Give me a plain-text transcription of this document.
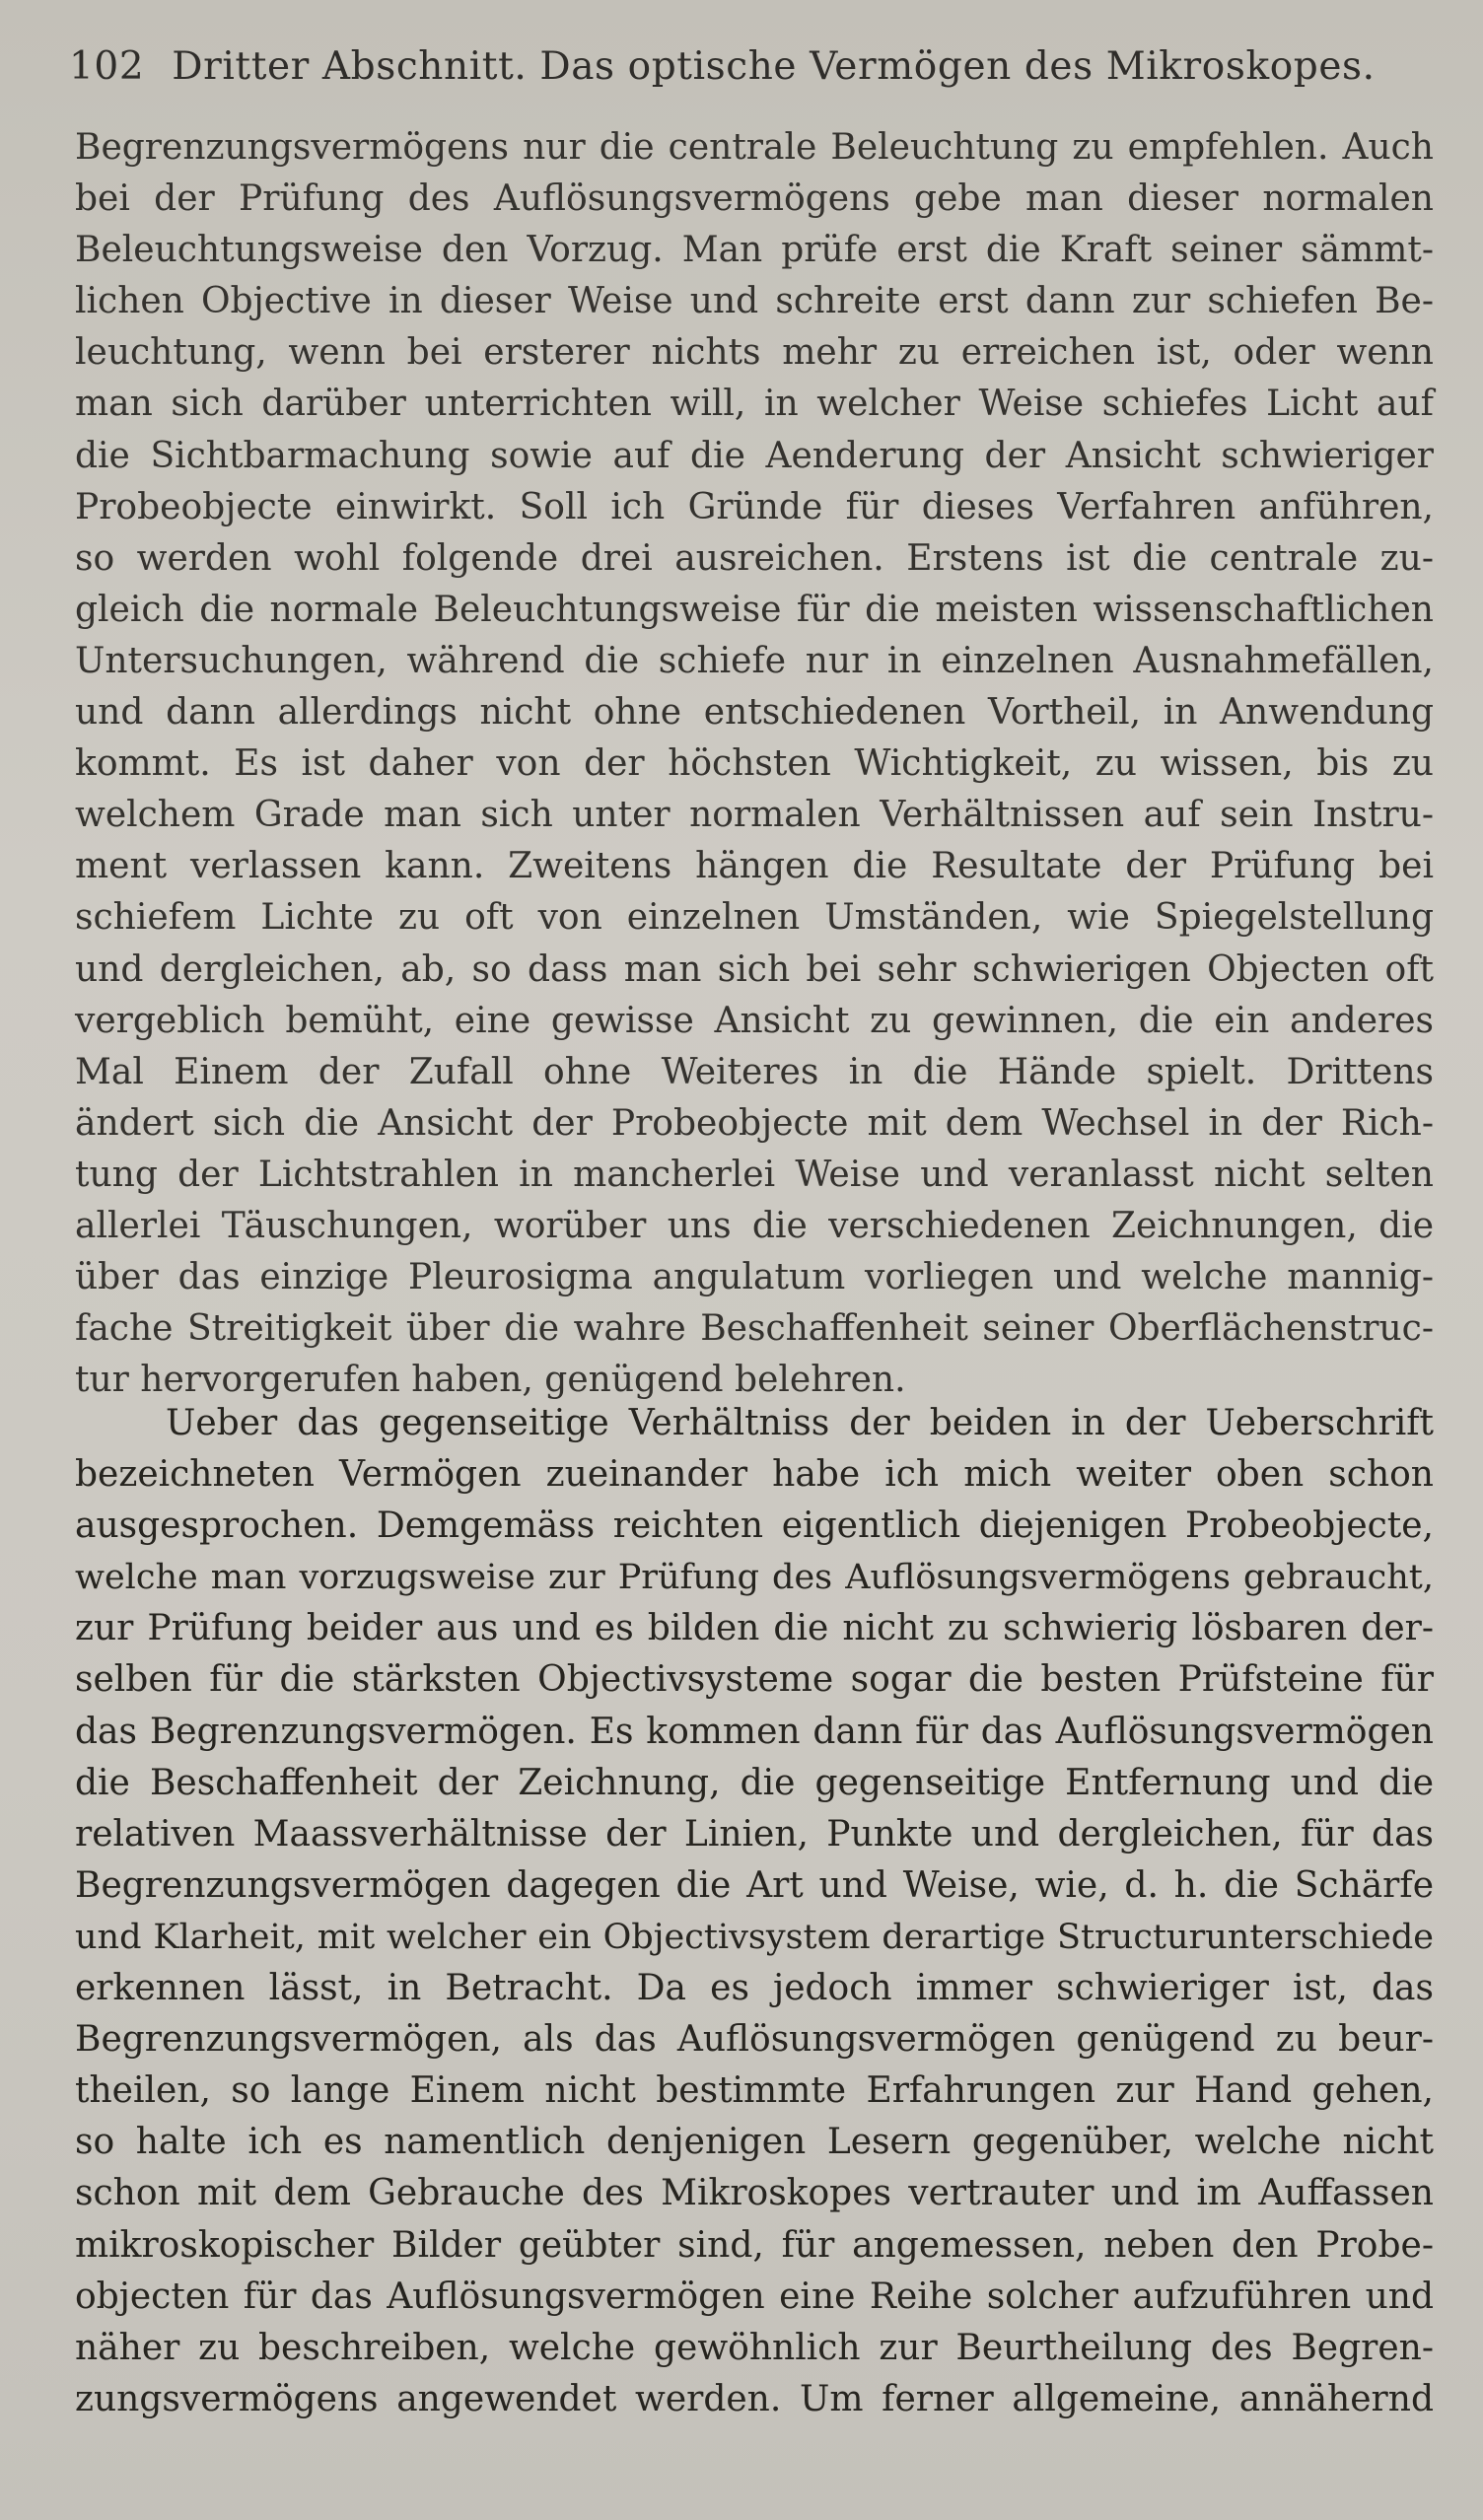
102 Dritter Abschnitt. Das optische Vermögen des Mikroskopes.
Begrenzungsvermögens nur die centrale Beleuchtung zu empfehlen. Auch
bei der Prüfung des Auflösungsvermögens gebe man dieser normalen
Beleuchtungsweise den Vorzug. Man prüfe erst die Kraft seiner sämmt-
lichen Objective in dieser Weise und schreite erst dann zur schiefen Be-
leuchtung, wenn bei ersterer nichts mehr zu erreichen ist, oder wenn
man sich darüber unterrichten will, in welcher Weise schiefes Licht auf
die Sichtbarmachung sowie auf die Aenderung der Ansicht schwieriger
Probeobjecte einwirkt. Soll ich Gründe für dieses Verfahren anführen,
so werden wohl folgende drei ausreichen. Erstens ist die centrale zu-
gleich die normale Beleuchtungsweise für die meisten wissenschaftlichen
Untersuchungen, während die schiefe nur in einzelnen Ausnahmefällen,
und dann allerdings nicht ohne entschiedenen Vortheil, in Anwendung
kommt. Es ist daher von der höchsten Wichtigkeit, zu wissen, bis zu
welchem Grade man sich unter normalen Verhältnissen auf sein Instru-
ment verlassen kann. Zweitens hängen die Resultate der Prüfung bei
schiefem Lichte zu oft von einzelnen Umständen, wie Spiegelstellung
und dergleichen, ab, so dass man sich bei sehr schwierigen Objecten oft
vergeblich bemüht, eine gewisse Ansicht zu gewinnen, die ein anderes
Mal Einem der Zufall ohne Weiteres in die Hände spielt. Drittens
ändert sich die Ansicht der Probeobjecte mit dem Wechsel in der Rich-
tung der Lichtstrahlen in mancherlei Weise und veranlasst nicht selten
allerlei Täuschungen, worüber uns die verschiedenen Zeichnungen, die
über das einzige Pleurosigma angulatum vorliegen und welche mannig-
fache Streitigkeit über die wahre Beschaffenheit seiner Oberflächenstruc-
tur hervorgerufen haben, genügend belehren.
Ueber das gegenseitige Verhältniss der beiden in der Ueberschrift
bezeichneten Vermögen zueinander habe ich mich weiter oben schon
ausgesprochen. Demgemäss reichten eigentlich diejenigen Probeobjecte,
welche man vorzugsweise zur Prüfung des Auflösungsvermögens gebraucht,
zur Prüfung beider aus und es bilden die nicht zu schwierig lösbaren der-
selben für die stärksten Objectivsysteme sogar die besten Prüfsteine für
das Begrenzungsvermögen. Es kommen dann für das Auflösungsvermögen
die Beschaffenheit der Zeichnung, die gegenseitige Entfernung und die
relativen Maassverhältnisse der Linien, Punkte und dergleichen, für das
Begrenzungsvermögen dagegen die Art und Weise, wie, d. h. die Schärfe
und Klarheit, mit welcher ein Objectivsystem derartige Structurunterschiede
erkennen lässt, in Betracht. Da es jedoch immer schwieriger ist, das
Begrenzungsvermögen, als das Auflösungsvermögen genügend zu beur-
theilen, so lange Einem nicht bestimmte Erfahrungen zur Hand gehen,
so halte ich es namentlich denjenigen Lesern gegenüber, welche nicht
schon mit dem Gebrauche des Mikroskopes vertrauter und im Auffassen
mikroskopischer Bilder geübter sind, für angemessen, neben den Probe-
objecten für das Auflösungsvermögen eine Reihe solcher aufzuführen und
näher zu beschreiben, welche gewöhnlich zur Beurtheilung des Begren-
zungsvermögens angewendet werden. Um ferner allgemeine, annähernd
